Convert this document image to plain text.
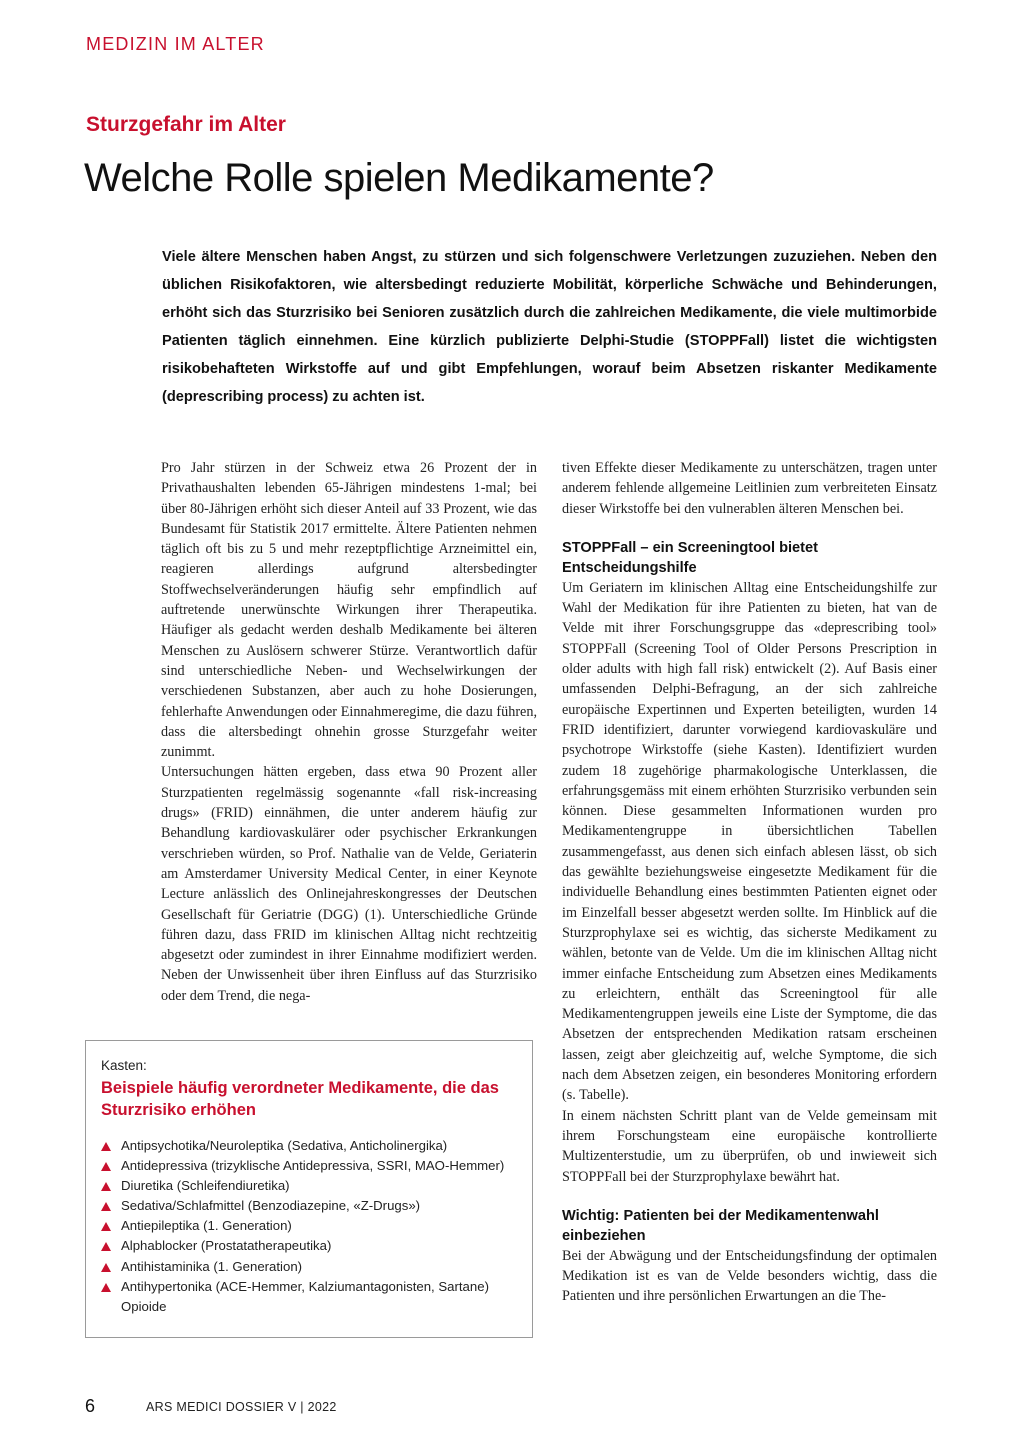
MEDIZIN IM ALTER
Sturzgefahr im Alter
Welche Rolle spielen Medikamente?

Viele ältere Menschen haben Angst, zu stürzen und sich folgenschwere Verletzungen zuzuziehen. Neben den üblichen Risikofaktoren, wie altersbedingt reduzierte Mobilität, körperliche Schwäche und Behinderungen, erhöht sich das Sturzrisiko bei Senioren zusätzlich durch die zahlreichen Medikamente, die viele multimorbide Patienten täglich einnehmen. Eine kürzlich publizierte Delphi-Studie (STOPPFall) listet die wichtigsten risikobehafteten Wirkstoffe auf und gibt Empfehlungen, worauf beim Absetzen riskanter Medikamente (deprescribing process) zu achten ist.

Pro Jahr stürzen in der Schweiz etwa 26 Prozent der in Privathaushalten lebenden 65-Jährigen mindestens 1-mal; bei über 80-Jährigen erhöht sich dieser Anteil auf 33 Prozent, wie das Bundesamt für Statistik 2017 ermittelte. Ältere Patienten nehmen täglich oft bis zu 5 und mehr rezeptpflichtige Arzneimittel ein, reagieren allerdings aufgrund altersbedingter Stoffwechselveränderungen häufig sehr empfindlich auf auftretende unerwünschte Wirkungen ihrer Therapeutika. Häufiger als gedacht werden deshalb Medikamente bei älteren Menschen zu Auslösern schwerer Stürze. Verantwortlich dafür sind unterschiedliche Neben- und Wechselwirkungen der verschiedenen Substanzen, aber auch zu hohe Dosierungen, fehlerhafte Anwendungen oder Einnahmeregime, die dazu führen, dass die altersbedingt ohnehin grosse Sturzgefahr weiter zunimmt.

Untersuchungen hätten ergeben, dass etwa 90 Prozent aller Sturzpatienten regelmässig sogenannte «fall risk-increasing drugs» (FRID) einnähmen, die unter anderem häufig zur Behandlung kardiovaskulärer oder psychischer Erkrankungen verschrieben würden, so Prof. Nathalie van de Velde, Geriaterin am Amsterdamer University Medical Center, in einer Keynote Lecture anlässlich des Onlinejahreskongresses der Deutschen Gesellschaft für Geriatrie (DGG) (1). Unterschiedliche Gründe führen dazu, dass FRID im klinischen Alltag nicht rechtzeitig abgesetzt oder zumindest in ihrer Einnahme modifiziert werden. Neben der Unwissenheit über ihren Einfluss auf das Sturzrisiko oder dem Trend, die nega-

tiven Effekte dieser Medikamente zu unterschätzen, tragen unter anderem fehlende allgemeine Leitlinien zum verbreiteten Einsatz dieser Wirkstoffe bei den vulnerablen älteren Menschen bei.

STOPPFall – ein Screeningtool bietet Entscheidungshilfe

Um Geriatern im klinischen Alltag eine Entscheidungshilfe zur Wahl der Medikation für ihre Patienten zu bieten, hat van de Velde mit ihrer Forschungsgruppe das «deprescribing tool» STOPPFall (Screening Tool of Older Persons Prescription in older adults with high fall risk) entwickelt (2). Auf Basis einer umfassenden Delphi-Befragung, an der sich zahlreiche europäische Expertinnen und Experten beteiligten, wurden 14 FRID identifiziert, darunter vorwiegend kardiovaskuläre und psychotrope Wirkstoffe (siehe Kasten). Identifiziert wurden zudem 18 zugehörige pharmakologische Unterklassen, die erfahrungsgemäss mit einem erhöhten Sturzrisiko verbunden sein können. Diese gesammelten Informationen wurden pro Medikamentengruppe in übersichtlichen Tabellen zusammengefasst, aus denen sich einfach ablesen lässt, ob sich das gewählte beziehungsweise eingesetzte Medikament für die individuelle Behandlung eines bestimmten Patienten eignet oder im Einzelfall besser abgesetzt werden sollte. Im Hinblick auf die Sturzprophylaxe sei es wichtig, das sicherste Medikament zu wählen, betonte van de Velde. Um die im klinischen Alltag nicht immer einfache Entscheidung zum Absetzen eines Medikaments zu erleichtern, enthält das Screeningtool für alle Medikamentengruppen jeweils eine Liste der Symptome, die das Absetzen der entsprechenden Medikation ratsam erscheinen lassen, zeigt aber gleichzeitig auf, welche Symptome, die sich nach dem Absetzen zeigen, ein besonderes Monitoring erfordern (s. Tabelle).

In einem nächsten Schritt plant van de Velde gemeinsam mit ihrem Forschungsteam eine europäische kontrollierte Multizenterstudie, um zu überprüfen, ob und inwieweit sich STOPPFall bei der Sturzprophylaxe bewährt hat.

Wichtig: Patienten bei der Medikamentenwahl einbeziehen

Bei der Abwägung und der Entscheidungsfindung der optimalen Medikation ist es van de Velde besonders wichtig, dass die Patienten und ihre persönlichen Erwartungen an die The-

Kasten:
Beispiele häufig verordneter Medikamente, die das Sturzrisiko erhöhen
Antipsychotika/Neuroleptika (Sedativa, Anticholinergika)
Antidepressiva (trizyklische Antidepressiva, SSRI, MAO-Hemmer)
Diuretika (Schleifendiuretika)
Sedativa/Schlafmittel (Benzodiazepine, «Z-Drugs»)
Antiepileptika (1. Generation)
Alphablocker (Prostatatherapeutika)
Antihistaminika (1. Generation)
Antihypertonika (ACE-Hemmer, Kalziumantagonisten, Sartane) Opioide
6	ARS MEDICI DOSSIER V | 2022
